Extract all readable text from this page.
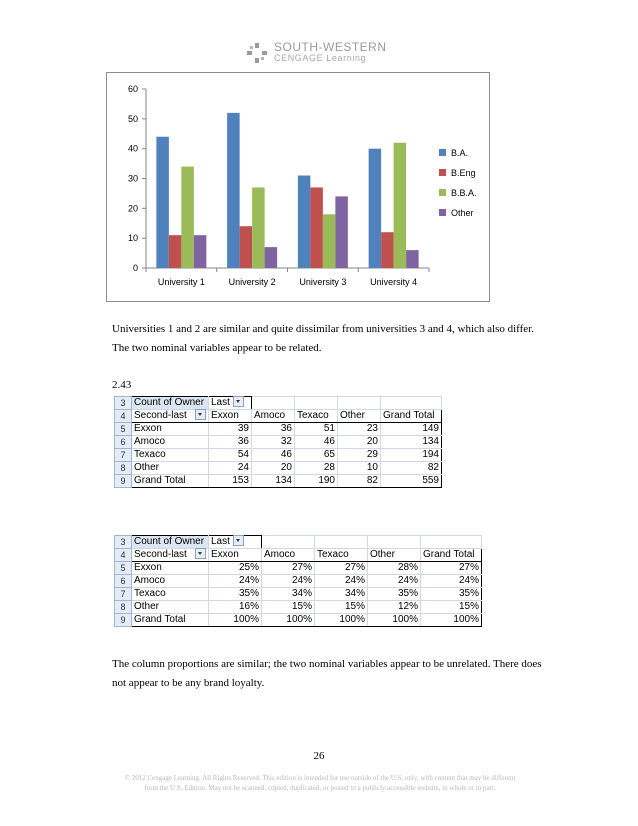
SOUTH-WESTERN
CENGAGE Learning
0
10
20
30
40
50
60
University 1	University 2	University 3	University 4
B.A.
B.Eng
B.B.A.
Other
Universities 1 and 2 are similar and quite dissimilar from universities 3 and 4, which also differ.
The two nominal variables appear to be related.
2.43
3	Count of Owner	Last				
4	Second-last	Exxon	Amoco	Texaco	Other	Grand Total
5	Exxon	39	36	51	23	149
6	Amoco	36	32	46	20	134
7	Texaco	54	46	65	29	194
8	Other	24	20	28	10	82
9	Grand Total	153	134	190	82	559
3	Count of Owner	Last				
4	Second-last	Exxon	Amoco	Texaco	Other	Grand Total
5	Exxon	25%	27%	27%	28%	27%
6	Amoco	24%	24%	24%	24%	24%
7	Texaco	35%	34%	34%	35%	35%
8	Other	16%	15%	15%	12%	15%
9	Grand Total	100%	100%	100%	100%	100%
The column proportions are similar; the two nominal variables appear to be unrelated. There does
not appear to be any brand loyalty.
26
© 2012 Cengage Learning. All Rights Reserved. This edition is intended for use outside of the U.S. only, with content that may be different
from the U.S. Edition. May not be scanned, copied, duplicated, or posted to a publicly accessible website, in whole or in part.
